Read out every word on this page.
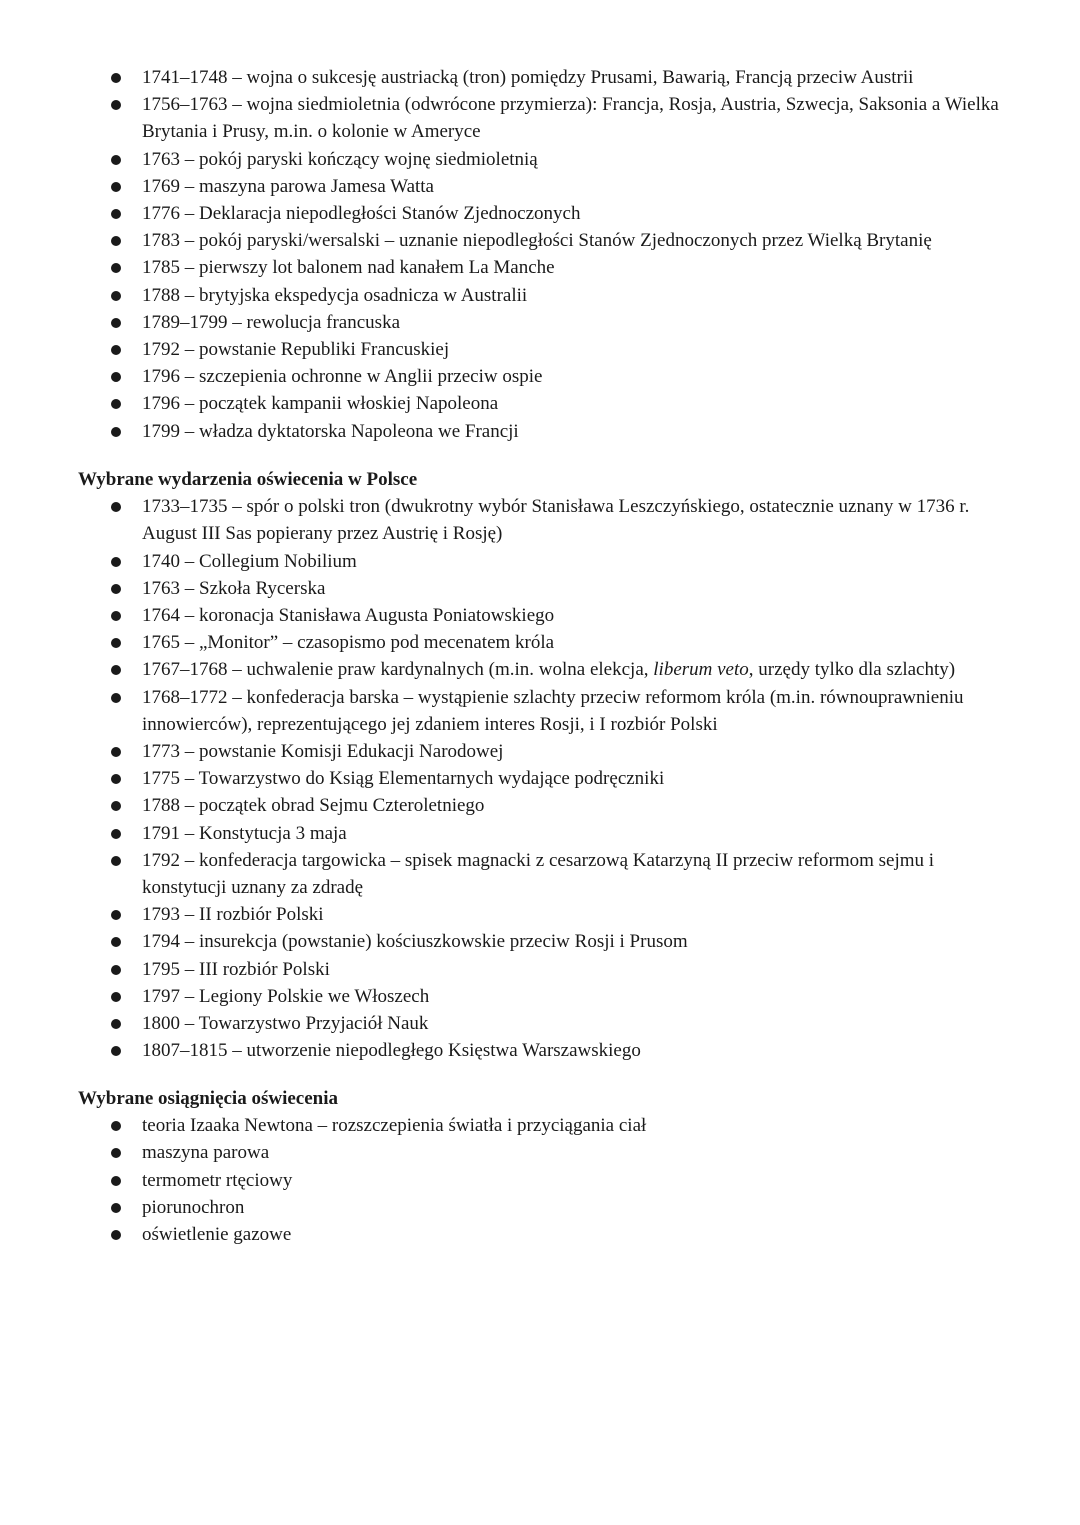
1741–1748 – wojna o sukcesję austriacką (tron) pomiędzy Prusami, Bawarią, Francją przeciw Austrii
1756–1763 – wojna siedmioletnia (odwrócone przymierza): Francja, Rosja, Austria, Szwecja, Saksonia a Wielka Brytania i Prusy, m.in. o kolonie w Ameryce
1763 – pokój paryski kończący wojnę siedmioletnią
1769 – maszyna parowa Jamesa Watta
1776 – Deklaracja niepodległości Stanów Zjednoczonych
1783 – pokój paryski/wersalski – uznanie niepodległości Stanów Zjednoczonych przez Wielką Brytanię
1785 – pierwszy lot balonem nad kanałem La Manche
1788 – brytyjska ekspedycja osadnicza w Australii
1789–1799 – rewolucja francuska
1792 – powstanie Republiki Francuskiej
1796 – szczepienia ochronne w Anglii przeciw ospie
1796 – początek kampanii włoskiej Napoleona
1799 – władza dyktatorska Napoleona we Francji
Wybrane wydarzenia oświecenia w Polsce
1733–1735 – spór o polski tron (dwukrotny wybór Stanisława Leszczyńskiego, ostatecznie uznany w 1736 r. August III Sas popierany przez Austrię i Rosję)
1740 – Collegium Nobilium
1763 – Szkoła Rycerska
1764 – koronacja Stanisława Augusta Poniatowskiego
1765 – „Monitor” – czasopismo pod mecenatem króla
1767–1768 – uchwalenie praw kardynalnych (m.in. wolna elekcja, liberum veto, urzędy tylko dla szlachty)
1768–1772 – konfederacja barska – wystąpienie szlachty przeciw reformom króla (m.in. równouprawnieniu innowierców), reprezentującego jej zdaniem interes Rosji, i I rozbiór Polski
1773 – powstanie Komisji Edukacji Narodowej
1775 – Towarzystwo do Ksiąg Elementarnych wydające podręczniki
1788 – początek obrad Sejmu Czteroletniego
1791 – Konstytucja 3 maja
1792 – konfederacja targowicka – spisek magnacki z cesarzową Katarzyną II przeciw reformom sejmu i konstytucji uznany za zdradę
1793 – II rozbiór Polski
1794 – insurekcja (powstanie) kościuszkowskie przeciw Rosji i Prusom
1795 – III rozbiór Polski
1797 – Legiony Polskie we Włoszech
1800 – Towarzystwo Przyjaciół Nauk
1807–1815 – utworzenie niepodległego Księstwa Warszawskiego
Wybrane osiągnięcia oświecenia
teoria Izaaka Newtona – rozszczepienia światła i przyciągania ciał
maszyna parowa
termometr rtęciowy
piorunochron
oświetlenie gazowe
